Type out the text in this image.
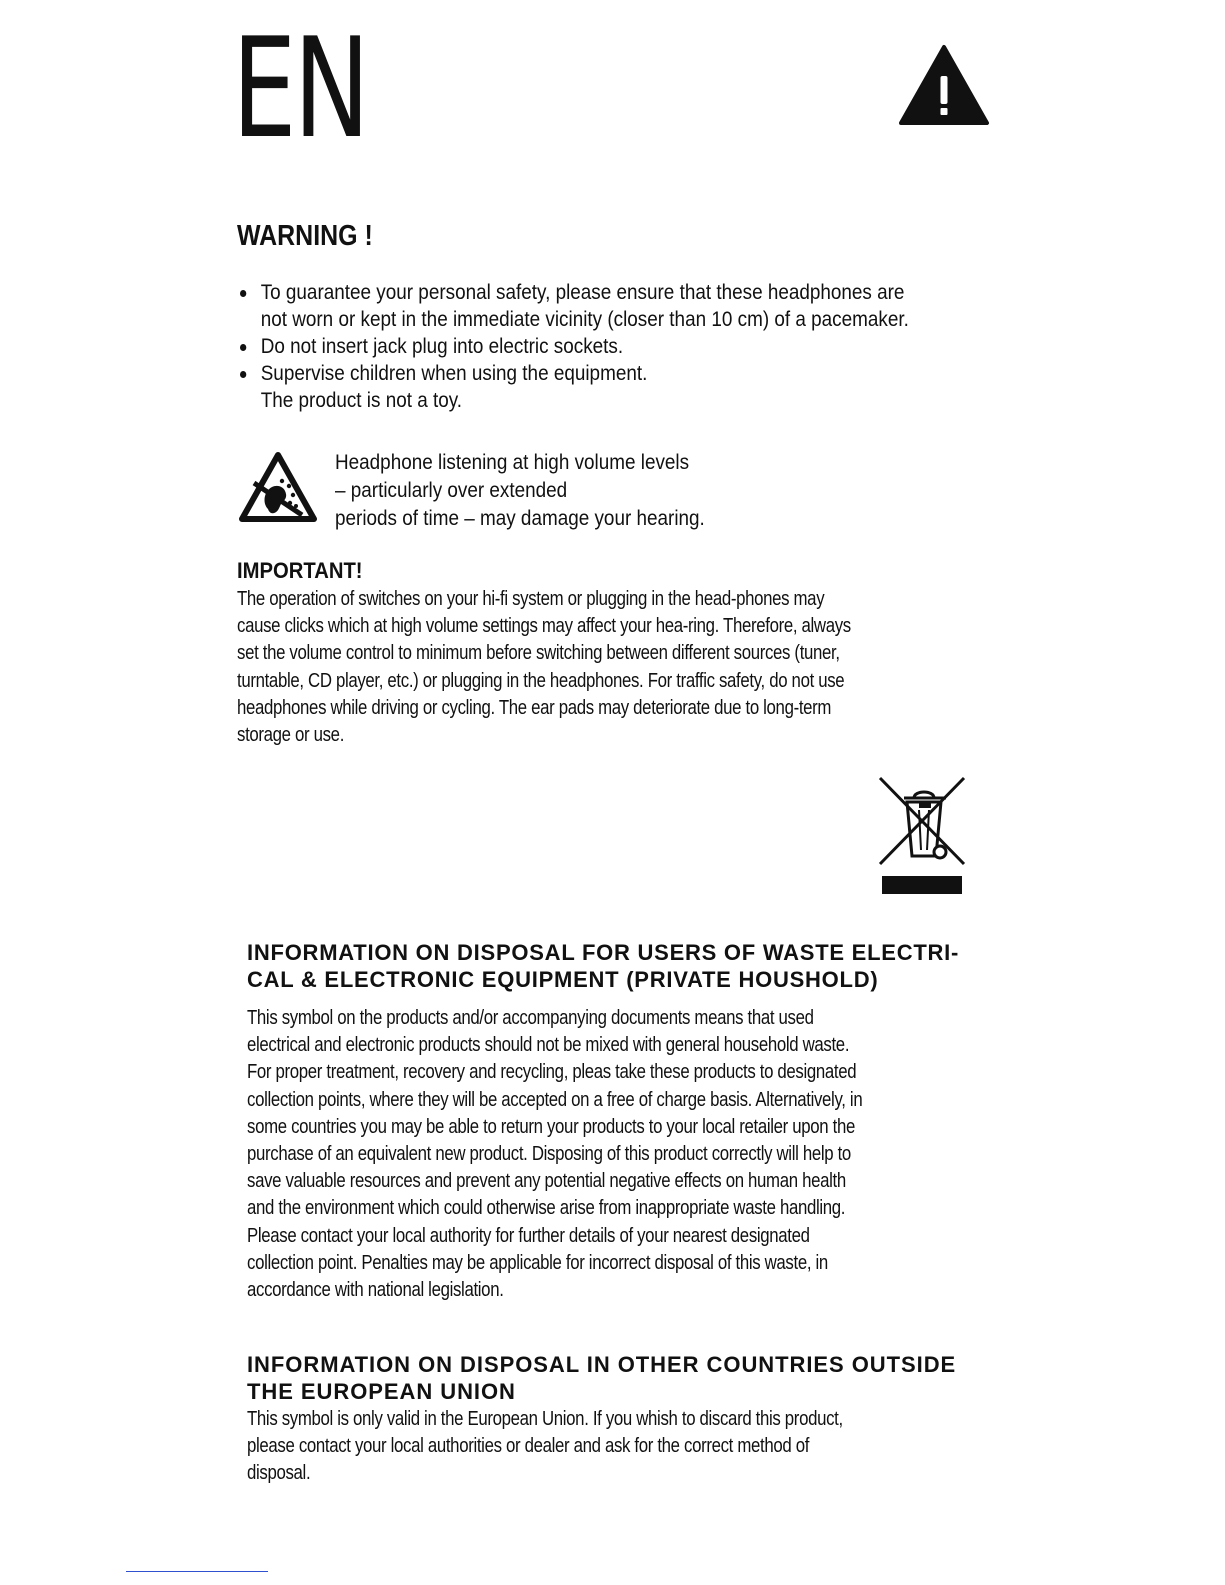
EN
WARNING !
To guarantee your personal safety, please ensure that these headphones are
not worn or kept in the immediate vicinity (closer than 10 cm) of a pacemaker.
Do not insert jack plug into electric sockets.
Supervise children when using the equipment.
The product is not a toy.
Headphone listening at high volume levels
– particularly over extended
periods of time – may damage your hearing.
IMPORTANT!
The operation of switches on your hi-fi system or plugging in the head-phones may
cause clicks which at high volume settings may affect your hea-ring. Therefore, always
set the volume control to minimum before switching between different sources (tuner,
turntable, CD player, etc.) or plugging in the headphones. For traffic safety, do not use
headphones while driving or cycling. The ear pads may deteriorate due to long-term
storage or use.
INFORMATION ON DISPOSAL FOR USERS OF WASTE ELECTRI-
CAL & ELECTRONIC EQUIPMENT (PRIVATE HOUSHOLD)
This symbol on the products and/or accompanying documents means that used
electrical and electronic products should not be mixed with general household waste.
For proper treatment, recovery and recycling, pleas take these products to designated
collection points, where they will be accepted on a free of charge basis. Alternatively, in
some countries you may be able to return your products to your local retailer upon the
purchase of an equivalent new product. Disposing of this product correctly will help to
save valuable resources and prevent any potential negative effects on human health
and the environment which could otherwise arise from inappropriate waste handling.
Please contact your local authority for further details of your nearest designated
collection point. Penalties may be applicable for incorrect disposal of this waste, in
accordance with national legislation.
INFORMATION ON DISPOSAL IN OTHER COUNTRIES OUTSIDE
THE EUROPEAN UNION
This symbol is only valid in the European Union. If you whish to discard this product,
please contact your local authorities or dealer and ask for the correct method of
disposal.
